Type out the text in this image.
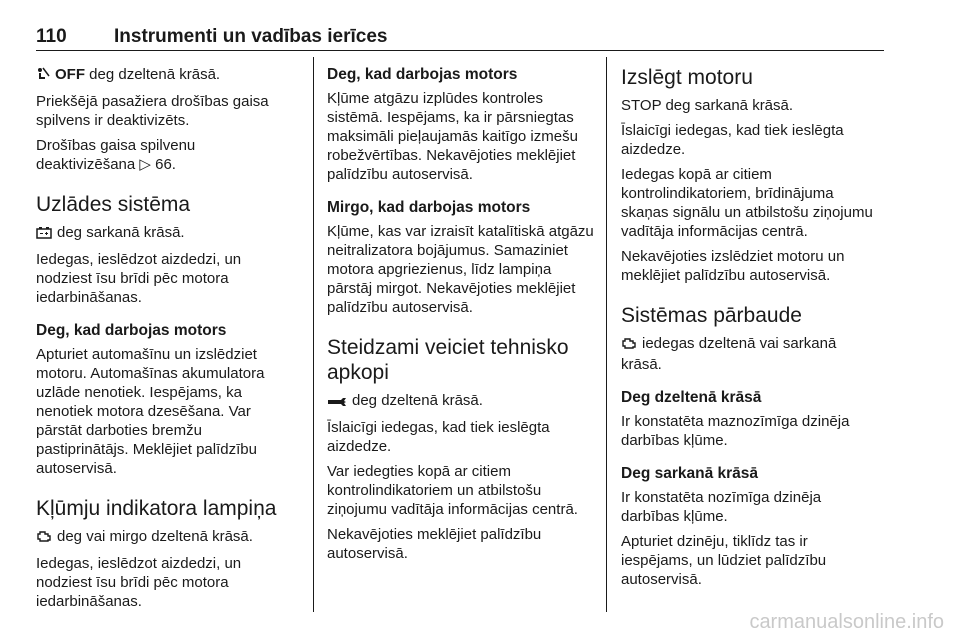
110 Instrumenti un vadības ierīces

OFF deg dzeltenā krāsā.

Priekšējā pasažiera drošības gaisa spilvens ir deaktivizēts.

Drošības gaisa spilvenu deaktivizēšana ▷ 66.

Uzlādes sistēma

deg sarkanā krāsā.

Iedegas, ieslēdzot aizdedzi, un nodziest īsu brīdi pēc motora iedarbināšanas.

Deg, kad darbojas motors

Apturiet automašīnu un izslēdziet motoru. Automašīnas akumulatora uzlāde nenotiek. Iespējams, ka nenotiek motora dzesēšana. Var pārstāt darboties bremžu pastiprinātājs. Meklējiet palīdzību autoservisā.

Kļūmju indikatora lampiņa

deg vai mirgo dzeltenā krāsā.

Iedegas, ieslēdzot aizdedzi, un nodziest īsu brīdi pēc motora iedarbināšanas.

Deg, kad darbojas motors

Kļūme atgāzu izplūdes kontroles sistēmā. Iespējams, ka ir pārsniegtas maksimāli pieļaujamās kaitīgo izmešu robežvērtības. Nekavējoties meklējiet palīdzību autoservisā.

Mirgo, kad darbojas motors

Kļūme, kas var izraisīt katalītiskā atgāzu neitralizatora bojājumus. Samaziniet motora apgriezienus, līdz lampiņa pārstāj mirgot. Nekavējoties meklējiet palīdzību autoservisā.

Steidzami veiciet tehnisko apkopi

deg dzeltenā krāsā.

Īslaicīgi iedegas, kad tiek ieslēgta aizdedze.

Var iedegties kopā ar citiem kontrolindikatoriem un atbilstošu ziņojumu vadītāja informācijas centrā.

Nekavējoties meklējiet palīdzību autoservisā.

Izslēgt motoru

STOP deg sarkanā krāsā.

Īslaicīgi iedegas, kad tiek ieslēgta aizdedze.

Iedegas kopā ar citiem kontrolindikatoriem, brīdinājuma skaņas signālu un atbilstošu ziņojumu vadītāja informācijas centrā.

Nekavējoties izslēdziet motoru un meklējiet palīdzību autoservisā.

Sistēmas pārbaude

iedegas dzeltenā vai sarkanā krāsā.

Deg dzeltenā krāsā

Ir konstatēta maznozīmīga dzinēja darbības kļūme.

Deg sarkanā krāsā

Ir konstatēta nozīmīga dzinēja darbības kļūme.

Apturiet dzinēju, tiklīdz tas ir iespējams, un lūdziet palīdzību autoservisā.

carmanualsonline.info
